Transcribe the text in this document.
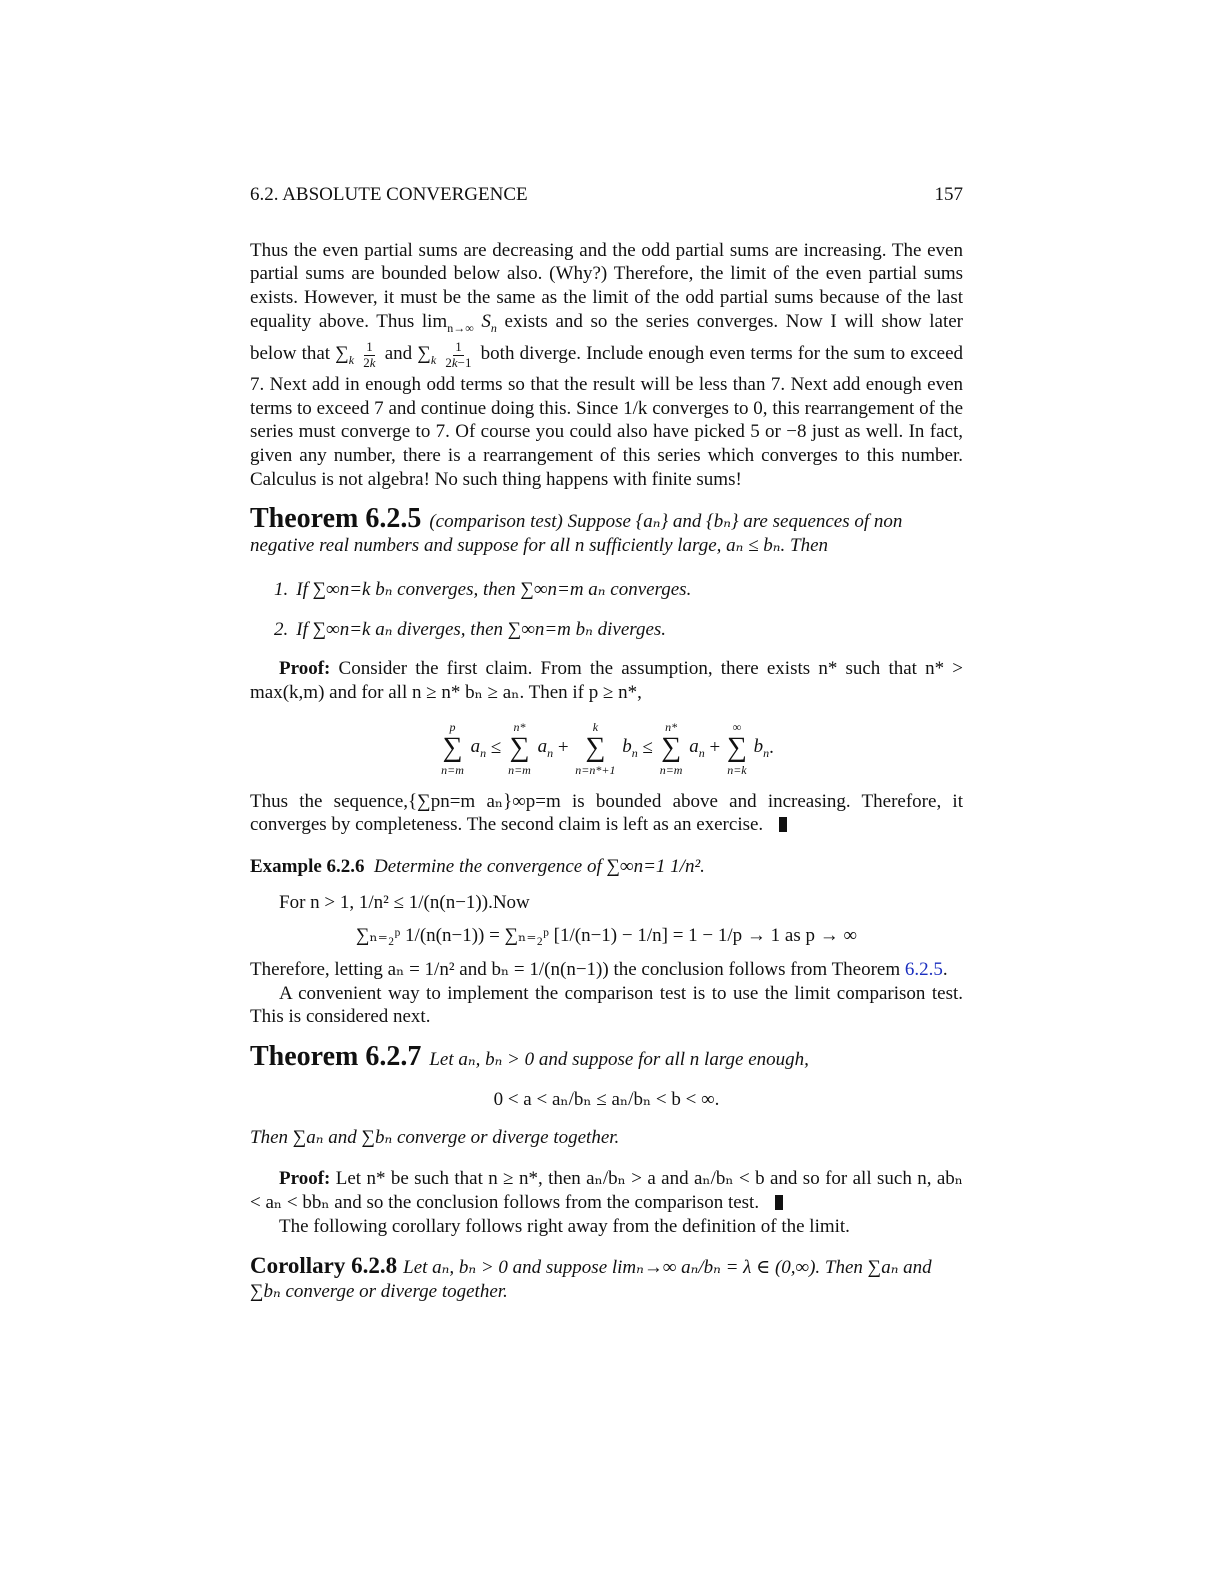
6.2. ABSOLUTE CONVERGENCE	157

Thus the even partial sums are decreasing and the odd partial sums are increasing. The even partial sums are bounded below also. (Why?) Therefore, the limit of the even partial sums exists. However, it must be the same as the limit of the odd partial sums because of the last equality above. Thus $\lim_{n\to\infty} S_n$ exists and so the series converges. Now I will show later below that $\sum_k \frac{1}{2k}$ and $\sum_k \frac{1}{2k-1}$ both diverge. Include enough even terms for the sum to exceed 7. Next add in enough odd terms so that the result will be less than 7. Next add enough even terms to exceed 7 and continue doing this. Since 1/k converges to 0, this rearrangement of the series must converge to 7. Of course you could also have picked 5 or −8 just as well. In fact, given any number, there is a rearrangement of this series which converges to this number. Calculus is not algebra! No such thing happens with finite sums!

Theorem 6.2.5 (comparison test) Suppose {aₙ} and {bₙ} are sequences of non negative real numbers and suppose for all n sufficiently large, aₙ ≤ bₙ. Then
1. If ∑∞n=k bₙ converges, then ∑∞n=m aₙ converges.
2. If ∑∞n=k aₙ diverges, then ∑∞n=m bₙ diverges.

Proof: Consider the first claim. From the assumption, there exists n* such that n* > max(k,m) and for all n ≥ n* bₙ ≥ aₙ. Then if p ≥ n*,

p
∑
n=m
$a_n$ ≤
n*
∑
n=m
$a_n$ +
k
∑
n=n*+1
$b_n$ ≤
n*
∑
n=m
$a_n$ +
∞
∑
n=k
$b_n$.

Thus the sequence,{∑pn=m aₙ}∞p=m is bounded above and increasing. Therefore, it converges by completeness. The second claim is left as an exercise.

Example 6.2.6 Determine the convergence of ∑∞n=1 1/n².

For n > 1, 1/n² ≤ 1/(n(n−1)).Now

∑ₙ₌₂ᵖ 1/(n(n−1)) = ∑ₙ₌₂ᵖ [1/(n−1) − 1/n] = 1 − 1/p → 1 as p → ∞

Therefore, letting aₙ = 1/n² and bₙ = 1/(n(n−1)) the conclusion follows from Theorem 6.2.5.

A convenient way to implement the comparison test is to use the limit comparison test. This is considered next.

Theorem 6.2.7 Let aₙ, bₙ > 0 and suppose for all n large enough,
0 < a < aₙ/bₙ ≤ aₙ/bₙ < b < ∞.

Then ∑aₙ and ∑bₙ converge or diverge together.

Proof: Let n* be such that n ≥ n*, then aₙ/bₙ > a and aₙ/bₙ < b and so for all such n, abₙ < aₙ < bbₙ and so the conclusion follows from the comparison test.

The following corollary follows right away from the definition of the limit.

Corollary 6.2.8 Let aₙ, bₙ > 0 and suppose limₙ→∞ aₙ/bₙ = λ ∈ (0,∞). Then ∑aₙ and ∑bₙ converge or diverge together.
